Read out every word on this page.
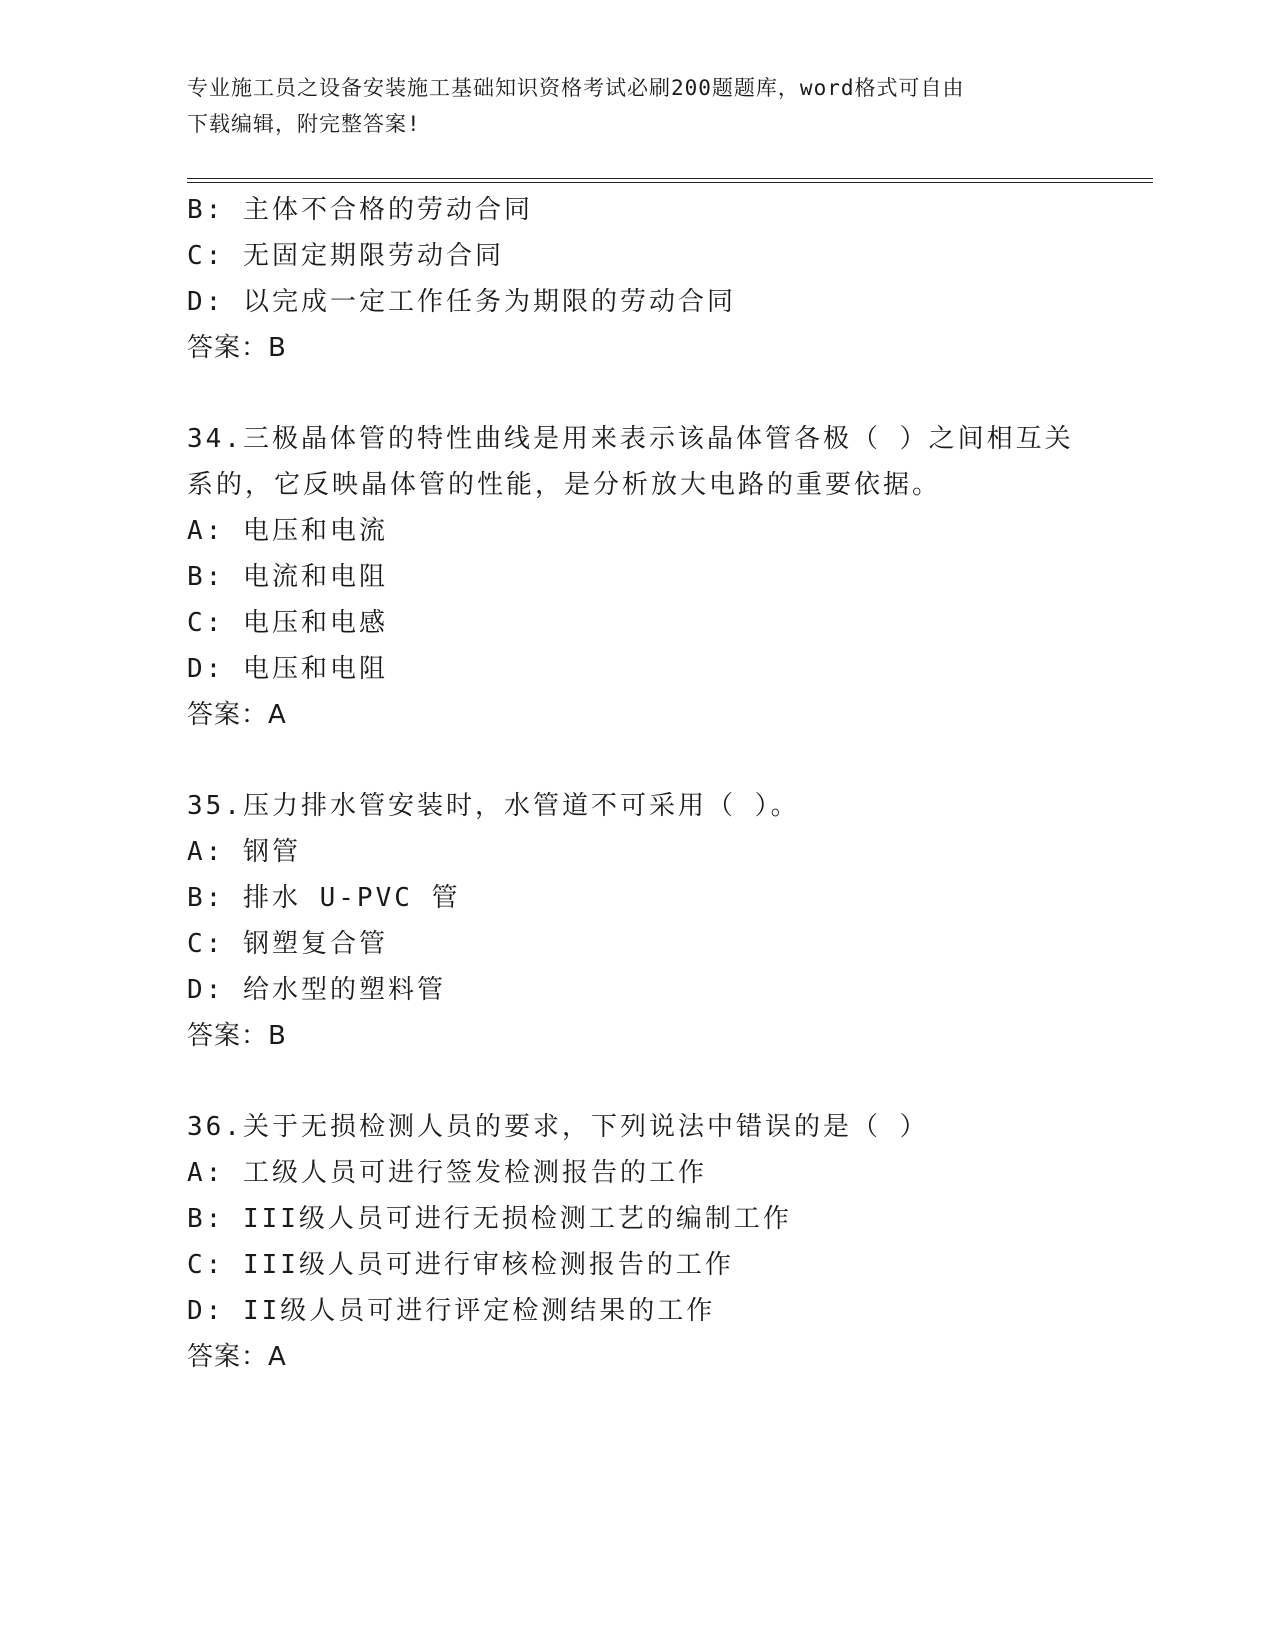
专业施工员之设备安装施工基础知识资格考试必刷200题题库，word格式可自由
下载编辑，附完整答案!
B: 主体不合格的劳动合同
C: 无固定期限劳动合同
D: 以完成一定工作任务为期限的劳动合同
答案：B
34.三极晶体管的特性曲线是用来表示该晶体管各极（ ）之间相互关
系的，它反映晶体管的性能，是分析放大电路的重要依据。
A: 电压和电流
B: 电流和电阻
C: 电压和电感
D: 电压和电阻
答案：A
35.压力排水管安装时，水管道不可采用（ ）。
A: 钢管
B: 排水 U-PVC 管
C: 钢塑复合管
D: 给水型的塑料管
答案：B
36.关于无损检测人员的要求，下列说法中错误的是（ ）
A: 工级人员可进行签发检测报告的工作
B: III级人员可进行无损检测工艺的编制工作
C: III级人员可进行审核检测报告的工作
D: II级人员可进行评定检测结果的工作
答案：A
